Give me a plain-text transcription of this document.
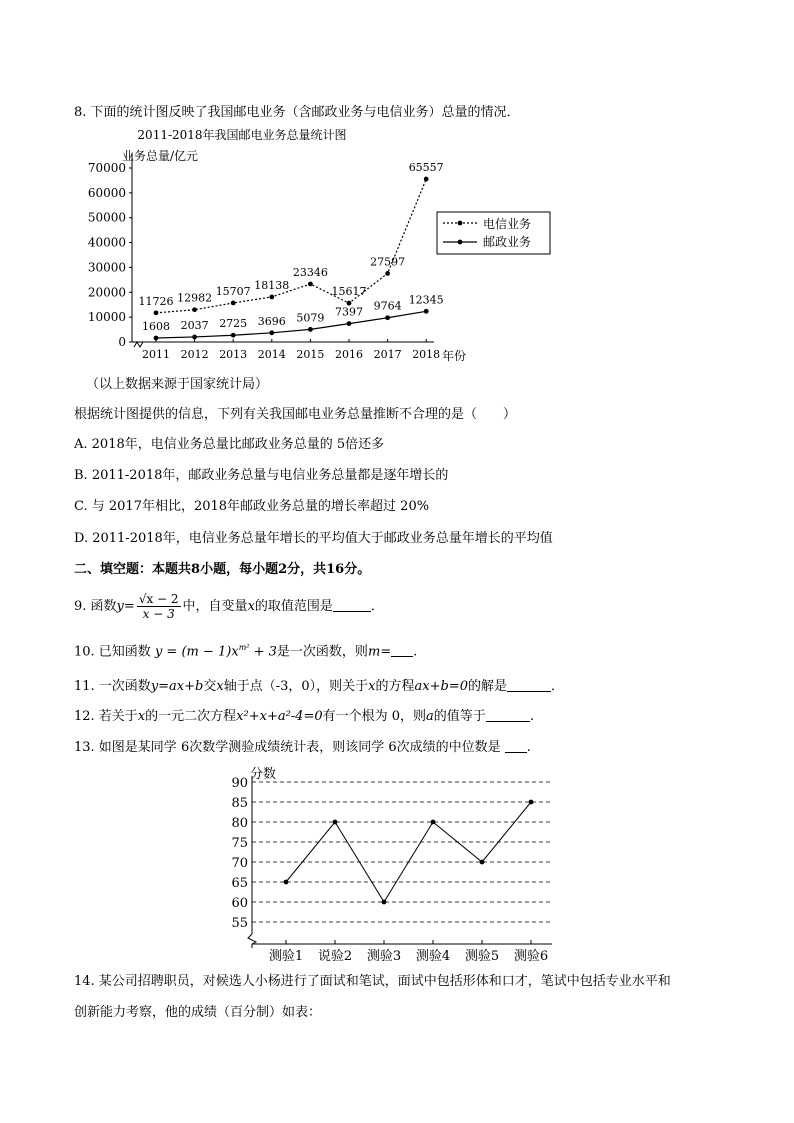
8. 下面的统计图反映了我国邮电业务（含邮政业务与电信业务）总量的情况．
2011-2018年我国邮电业务总量统计图
业务总量/亿元
年份
0
10000
20000
30000
40000
50000
60000
70000
2011 2012 2013 2014 2015 2016 2017 2018
11726 12982
15707 18138
23346
15617
27597
65557
1608 2037 2725 3696 5079 7397 9764 12345
电信业务
邮政业务
（以上数据来源于国家统计局）
根据统计图提供的信息，下列有关我国邮电业务总量推断不合理的是（　　）
A. 2018年，电信业务总量比邮政业务总量的 5倍还多
B. 2011-2018年，邮政业务总量与电信业务总量都是逐年增长的
C. 与 2017年相比，2018年邮政业务总量的增长率超过 20%
D. 2011-2018年，电信业务总量年增长的平均值大于邮政业务总量年增长的平均值
二、填空题：本题共8小题，每小题2分，共16分。
9. 函数$y= \frac{√x - 2}{x - 3}$ 中，自变量x的取值范围是	．
10. 已知函数 $y = (m - 1)x^{m^2} + 3$是一次函数，则m= .
11. 一次函数y=ax+b交x轴于点（-3，0），则关于x的方程ax+b=0的解是	．
12. 若关于x的一元二次方程x²+x+a²-4=0有一个根为 0，则a的值等于	.
13. 如图是某同学 6次数学测验成绩统计表，则该同学 6次成绩的中位数是 .
分数
55
60
65
70
75
80
85
90
测验1 说验2 测验3 测验4 测验5 测验6
14. 某公司招聘职员，对候选人小杨进行了面试和笔试，面试中包括形体和口才，笔试中包括专业水平和
创新能力考察，他的成绩（百分制）如表：
